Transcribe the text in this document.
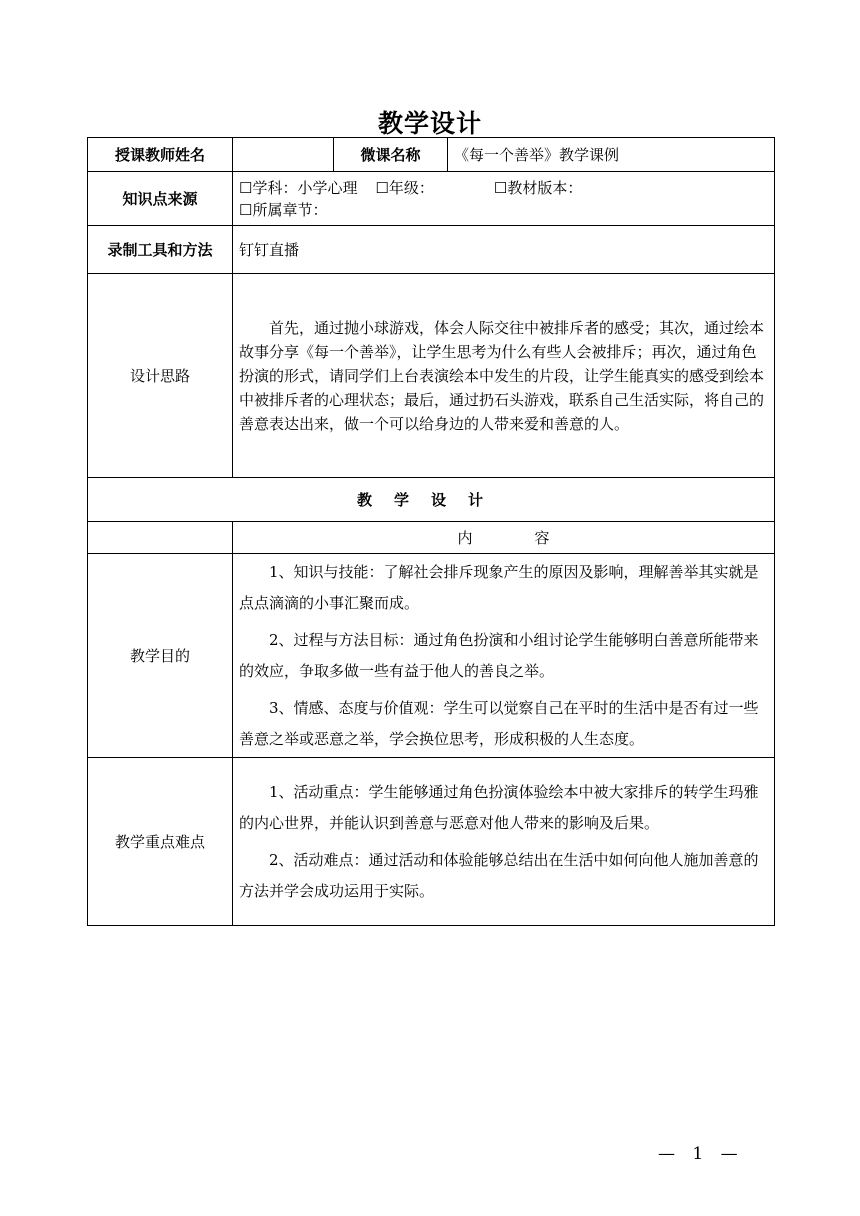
教学设计
授课教师姓名		微课名称	《每一个善举》教学课例
知识点来源	☐学科：小学心理 ☐年级： ☐教材版本：
☐所属章节：		

录制工具和方法	钉钉直播		
设计思路	首先，通过抛小球游戏，体会人际交往中被排斥者的感受；其次，通过绘本故事分享《每一个善举》，让学生思考为什么有些人会被排斥；再次，通过角色扮演的形式，请同学们上台表演绘本中发生的片段，让学生能真实的感受到绘本中被排斥者的心理状态；最后，通过扔石头游戏，联系自己生活实际，将自己的善意表达出来，做一个可以给身边的人带来爱和善意的人。		
教学设计			
	内 容		
教学目的	1、知识与技能：了解社会排斥现象产生的原因及影响，理解善举其实就是点点滴滴的小事汇聚而成。

2、过程与方法目标：通过角色扮演和小组讨论学生能够明白善意所能带来的效应，争取多做一些有益于他人的善良之举。

3、情感、态度与价值观：学生可以觉察自己在平时的生活中是否有过一些善意之举或恶意之举，学会换位思考，形成积极的人生态度。		

教学重点难点	1、活动重点：学生能够通过角色扮演体验绘本中被大家排斥的转学生玛雅的内心世界，并能认识到善意与恶意对他人带来的影响及后果。

2、活动难点：通过活动和体验能够总结出在生活中如何向他人施加善意的方法并学会成功运用于实际。		

— 1 —
